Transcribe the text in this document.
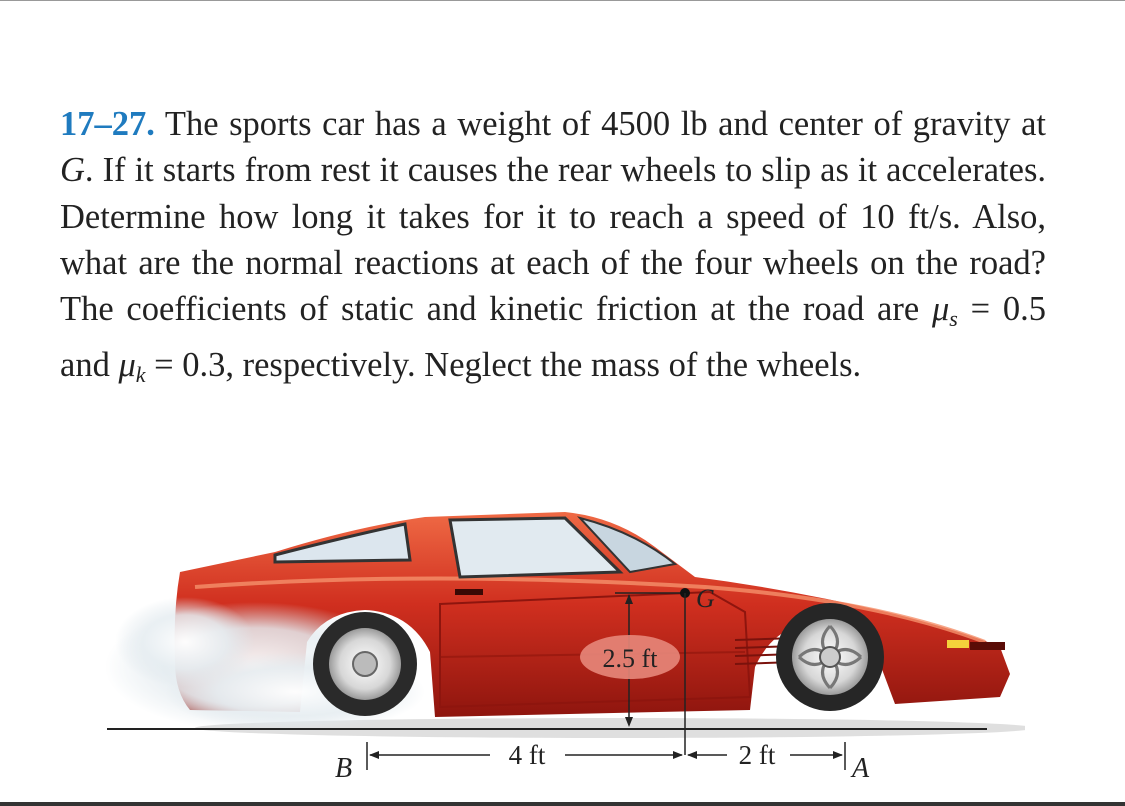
17–27. The sports car has a weight of 4500 lb and center of gravity at G. If it starts from rest it causes the rear wheels to slip as it accelerates. Determine how long it takes for it to reach a speed of 10 ft/s. Also, what are the normal reactions at each of the four wheels on the road? The coefficients of static and kinetic friction at the road are $\mu_s = 0.5$ and $\mu_k = 0.3$, respectively. Neglect the mass of the wheels.
G
2.5 ft
4 ft	2 ft
B	A
